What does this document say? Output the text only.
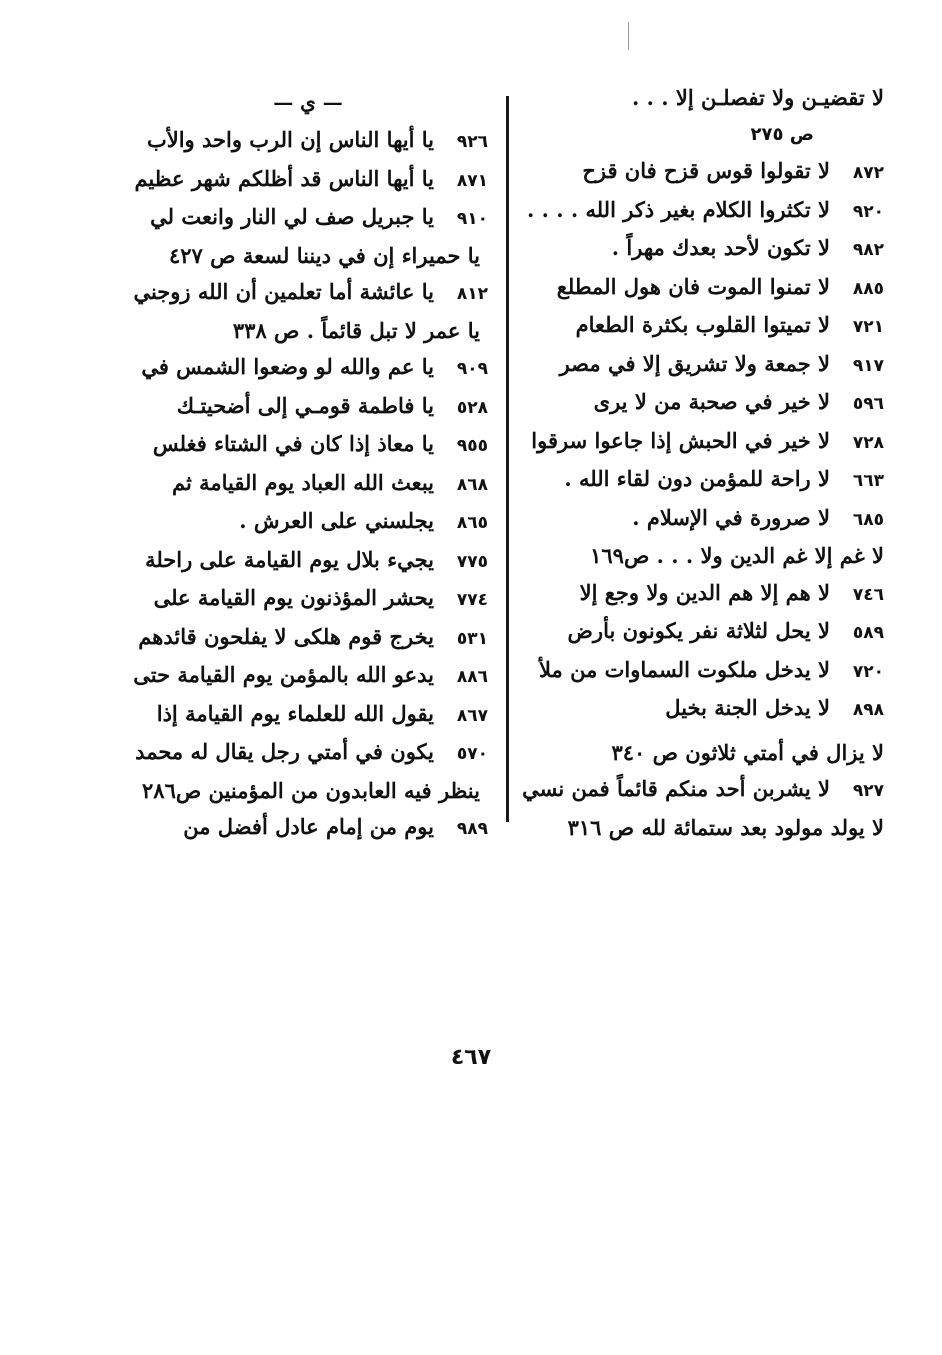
لا تقضيـن ولا تفصلـن إلا . . .
ص ٢٧٥
٨٧٢
لا تقولوا قوس قزح فان قزح
٩٢٠
لا تكثروا الكلام بغير ذكر الله . . . .
٩٨٢
لا تكون لأحد بعدك مهراً .
٨٨٥
لا تمنوا الموت فان هول المطلع
٧٢١
لا تميتوا القلوب بكثرة الطعام
٩١٧
لا جمعة ولا تشريق إلا في مصر
٥٩٦
لا خير في صحبة من لا يرى
٧٢٨
لا خير في الحبش إذا جاعوا سرقوا
٦٦٣
لا راحة للمؤمن دون لقاء الله .
٦٨٥
لا صرورة في الإسلام .
لا غم إلا غم الدين ولا . . . ص١٦٩
٧٤٦
لا هم إلا هم الدين ولا وجع إلا
٥٨٩
لا يحل لثلاثة نفر يكونون بأرض
٧٢٠
لا يدخل ملكوت السماوات من ملأ
٨٩٨
لا يدخل الجنة بخيل
لا يزال في أمتي ثلاثون ص ٣٤٠
٩٢٧
لا يشربن أحد منكم قائماً فمن نسي
لا يولد مولود بعد ستمائة لله ص ٣١٦
— ي —
٩٢٦
يا أيها الناس إن الرب واحد والأب
٨٧١
يا أيها الناس قد أظلكم شهر عظيم
٩١٠
يا جبريل صف لي النار وانعت لي
يا حميراء إن في ديننا لسعة ص ٤٢٧
٨١٢
يا عائشة أما تعلمين أن الله زوجني
يا عمر لا تبل قائماً . ص ٣٣٨
٩٠٩
يا عم والله لو وضعوا الشمس في
٥٢٨
يا فاطمة قومـي إلى أضحيتـك
٩٥٥
يا معاذ إذا كان في الشتاء فغلس
٨٦٨
يبعث الله العباد يوم القيامة ثم
٨٦٥
يجلسني على العرش .
٧٧٥
يجيء بلال يوم القيامة على راحلة
٧٧٤
يحشر المؤذنون يوم القيامة على
٥٣١
يخرج قوم هلكى لا يفلحون قائدهم
٨٨٦
يدعو الله بالمؤمن يوم القيامة حتى
٨٦٧
يقول الله للعلماء يوم القيامة إذا
٥٧٠
يكون في أمتي رجل يقال له محمد
ينظر فيه العابدون من المؤمنين ص٢٨٦
٩٨٩
يوم من إمام عادل أفضل من
٤٦٧
